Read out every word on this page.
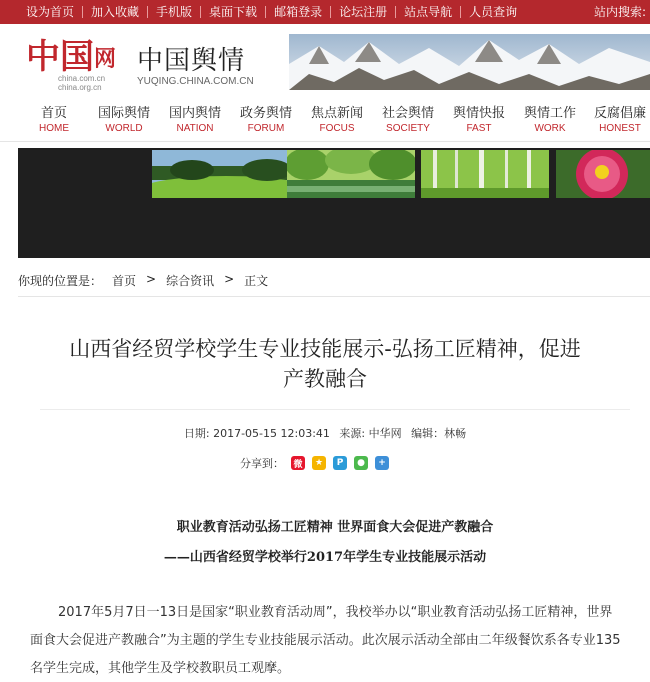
设为首页	加入收藏	手机版	桌面下载	邮箱登录	论坛注册	站点导航	人员查询	站内搜索:
中国 网
china.com.cn
china.org.cn
中国舆情
YUQING.CHINA.COM.CN
首页
HOME
国际舆情
WORLD
国内舆情
NATION
政务舆情
FORUM
焦点新闻
FOCUS
社会舆情
SOCIETY
舆情快报
FAST
舆情工作
WORK
反腐倡廉
HONEST
你现的位置是： 首页 > 综合资讯 > 正文
山西省经贸学校学生专业技能展示-弘扬工匠精神，促进
产教融合
日期: 2017-05-15 12:03:41 来源: 中华网 编辑：林畅
分享到： 微	★	P	●	+
职业教育活动弘扬工匠精神 世界面食大会促进产教融合
——山西省经贸学校举行2017年学生专业技能展示活动
2017年5月7日一13日是国家“职业教育活动周”，我校举办以“职业教育活动弘扬工匠精神，世界面食大会促进产教融合”为主题的学生专业技能展示活动。此次展示活动全部由二年级餐饮系各专业135名学生完成，其他学生及学校教职员工观摩。
